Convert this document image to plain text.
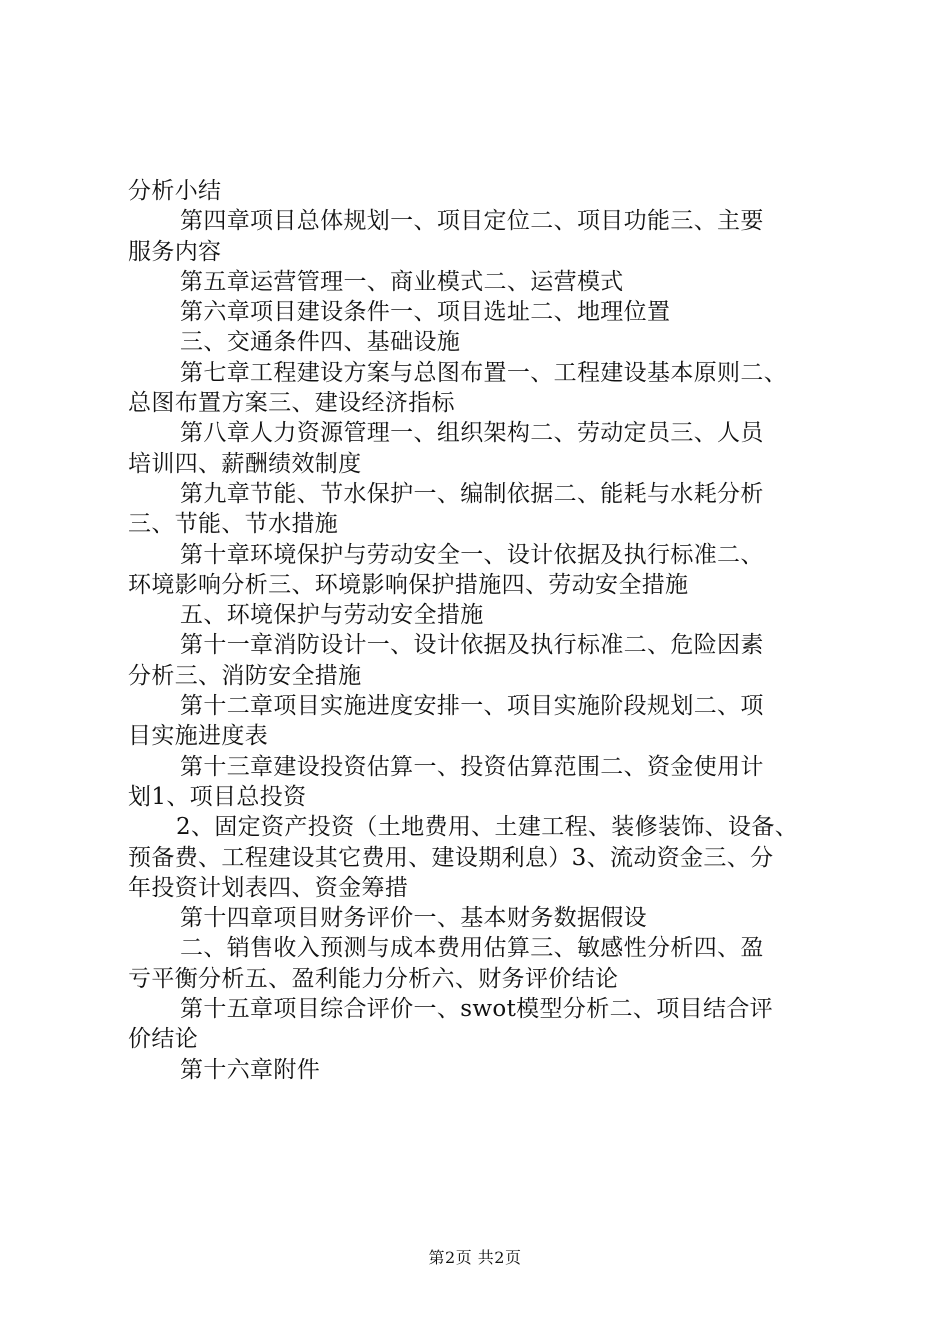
分析小结

第四章项目总体规划一、项目定位二、项目功能三、主要
服务内容

第五章运营管理一、商业模式二、运营模式

第六章项目建设条件一、项目选址二、地理位置

三、交通条件四、基础设施

第七章工程建设方案与总图布置一、工程建设基本原则二、
总图布置方案三、建设经济指标

第八章人力资源管理一、组织架构二、劳动定员三、人员
培训四、薪酬绩效制度

第九章节能、节水保护一、编制依据二、能耗与水耗分析
三、节能、节水措施

第十章环境保护与劳动安全一、设计依据及执行标准二、
环境影响分析三、环境影响保护措施四、劳动安全措施

五、环境保护与劳动安全措施

第十一章消防设计一、设计依据及执行标准二、危险因素
分析三、消防安全措施

第十二章项目实施进度安排一、项目实施阶段规划二、项
目实施进度表

第十三章建设投资估算一、投资估算范围二、资金使用计
划1、项目总投资

2、固定资产投资（土地费用、土建工程、装修装饰、设备、
预备费、工程建设其它费用、建设期利息）3、流动资金三、分
年投资计划表四、资金筹措

第十四章项目财务评价一、基本财务数据假设

二、销售收入预测与成本费用估算三、敏感性分析四、盈
亏平衡分析五、盈利能力分析六、财务评价结论

第十五章项目综合评价一、swot模型分析二、项目结合评
价结论

第十六章附件

第2页 共2页
